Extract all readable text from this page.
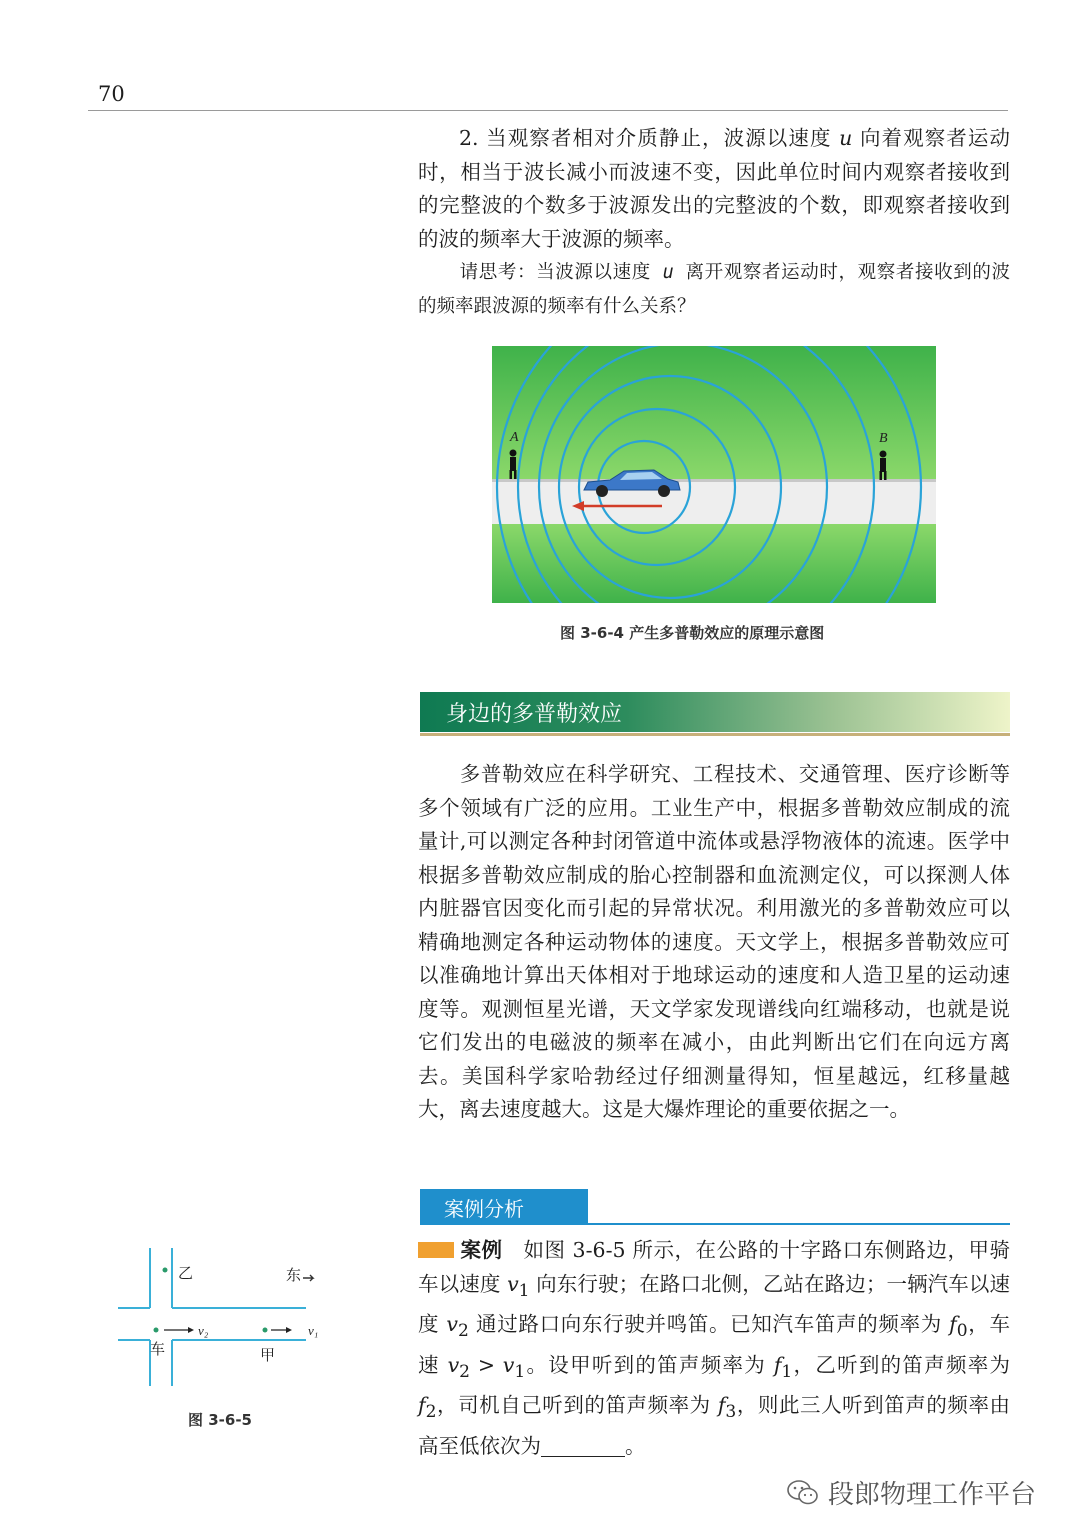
70

2. 当观察者相对介质静止，波源以速度 u 向着观察者运动时，相当于波长减小而波速不变，因此单位时间内观察者接收到的完整波的个数多于波源发出的完整波的个数，即观察者接收到的波的频率大于波源的频率。

请思考：当波源以速度 u 离开观察者运动时，观察者接收到的波的频率跟波源的频率有什么关系？

A	B
图 3-6-4 产生多普勒效应的原理示意图
身边的多普勒效应

多普勒效应在科学研究、工程技术、交通管理、医疗诊断等多个领域有广泛的应用。工业生产中，根据多普勒效应制成的流量计,可以测定各种封闭管道中流体或悬浮物液体的流速。医学中根据多普勒效应制成的胎心控制器和血流测定仪，可以探测人体内脏器官因变化而引起的异常状况。利用激光的多普勒效应可以精确地测定各种运动物体的速度。天文学上，根据多普勒效应可以准确地计算出天体相对于地球运动的速度和人造卫星的运动速度等。观测恒星光谱，天文学家发现谱线向红端移动，也就是说它们发出的电磁波的频率在减小，由此判断出它们在向远方离去。美国科学家哈勃经过仔细测量得知，恒星越远，红移量越大，离去速度越大。这是大爆炸理论的重要依据之一。

案例分析

案例 如图 3-6-5 所示，在公路的十字路口东侧路边，甲骑车以速度 $v_1$ 向东行驶；在路口北侧，乙站在路边；一辆汽车以速度 $v_2$ 通过路口向东行驶并鸣笛。已知汽车笛声的频率为 $f_0$，车速 $v_2 > v_1$。设甲听到的笛声频率为 $f_1$，乙听到的笛声频率为 $f_2$，司机自己听到的笛声频率为 $f_3$，则此三人听到笛声的频率由高至低依次为	。

乙	东
v₂
车
v₁
甲
图 3-6-5
段郎物理工作平台
